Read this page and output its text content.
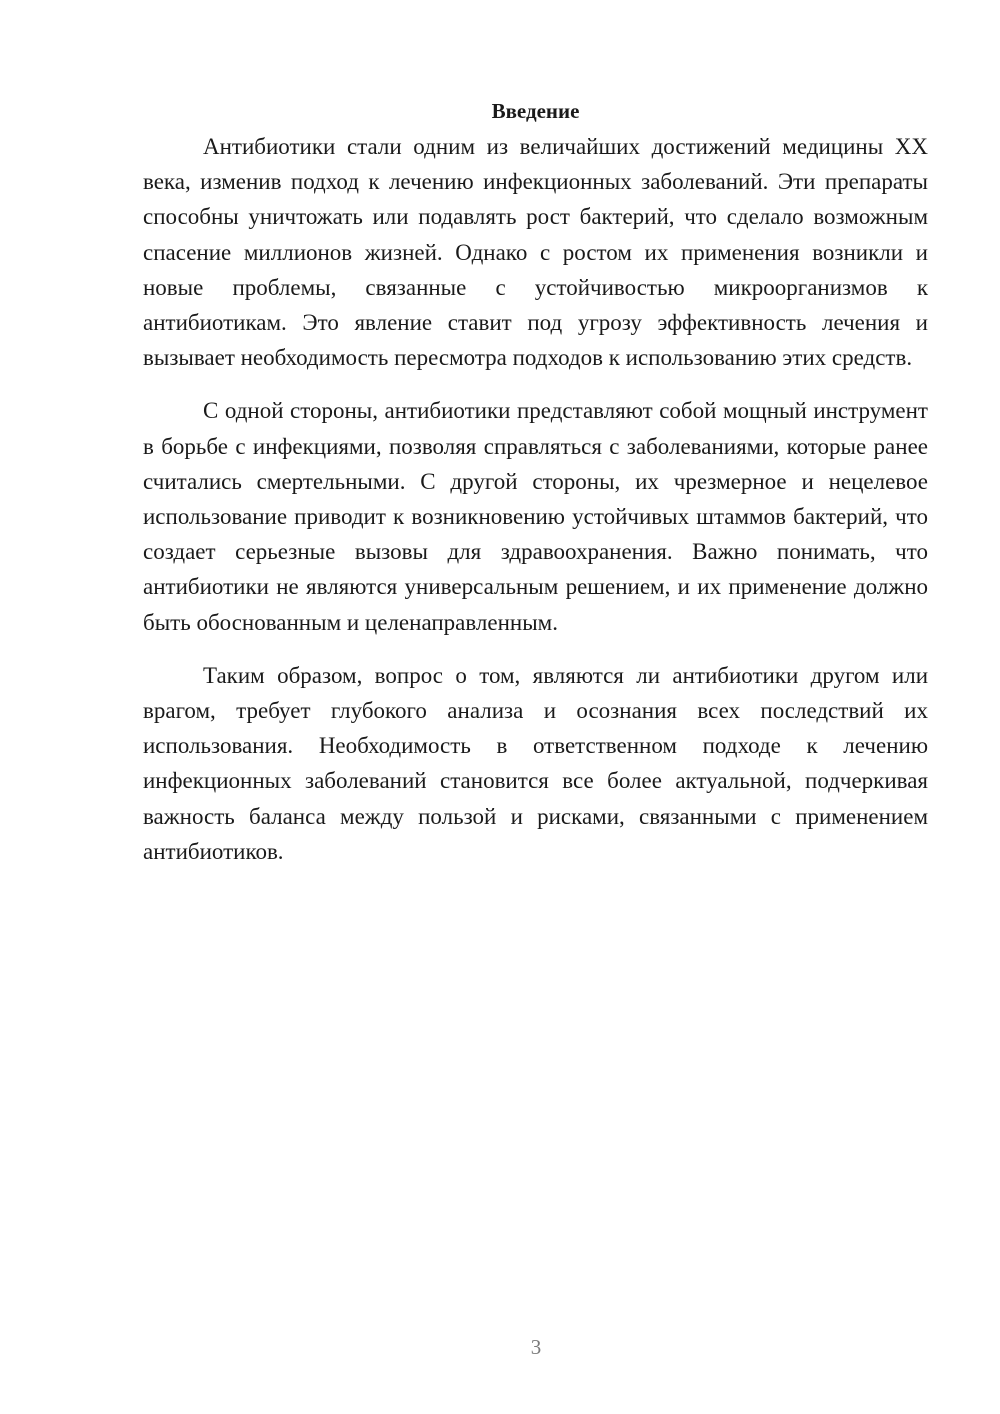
Введение

Антибиотики стали одним из величайших достижений медицины XX века, изменив подход к лечению инфекционных заболеваний. Эти препараты способны уничтожать или подавлять рост бактерий, что сделало возможным спасение миллионов жизней. Однако с ростом их применения возникли и новые проблемы, связанные с устойчивостью микроорганизмов к антибиотикам. Это явление ставит под угрозу эффективность лечения и вызывает необходимость пересмотра подходов к использованию этих средств.

С одной стороны, антибиотики представляют собой мощный инструмент в борьбе с инфекциями, позволяя справляться с заболеваниями, которые ранее считались смертельными. С другой стороны, их чрезмерное и нецелевое использование приводит к возникновению устойчивых штаммов бактерий, что создает серьезные вызовы для здравоохранения. Важно понимать, что антибиотики не являются универсальным решением, и их применение должно быть обоснованным и целенаправленным.

Таким образом, вопрос о том, являются ли антибиотики другом или врагом, требует глубокого анализа и осознания всех последствий их использования. Необходимость в ответственном подходе к лечению инфекционных заболеваний становится все более актуальной, подчеркивая важность баланса между пользой и рисками, связанными с применением антибиотиков.

3
